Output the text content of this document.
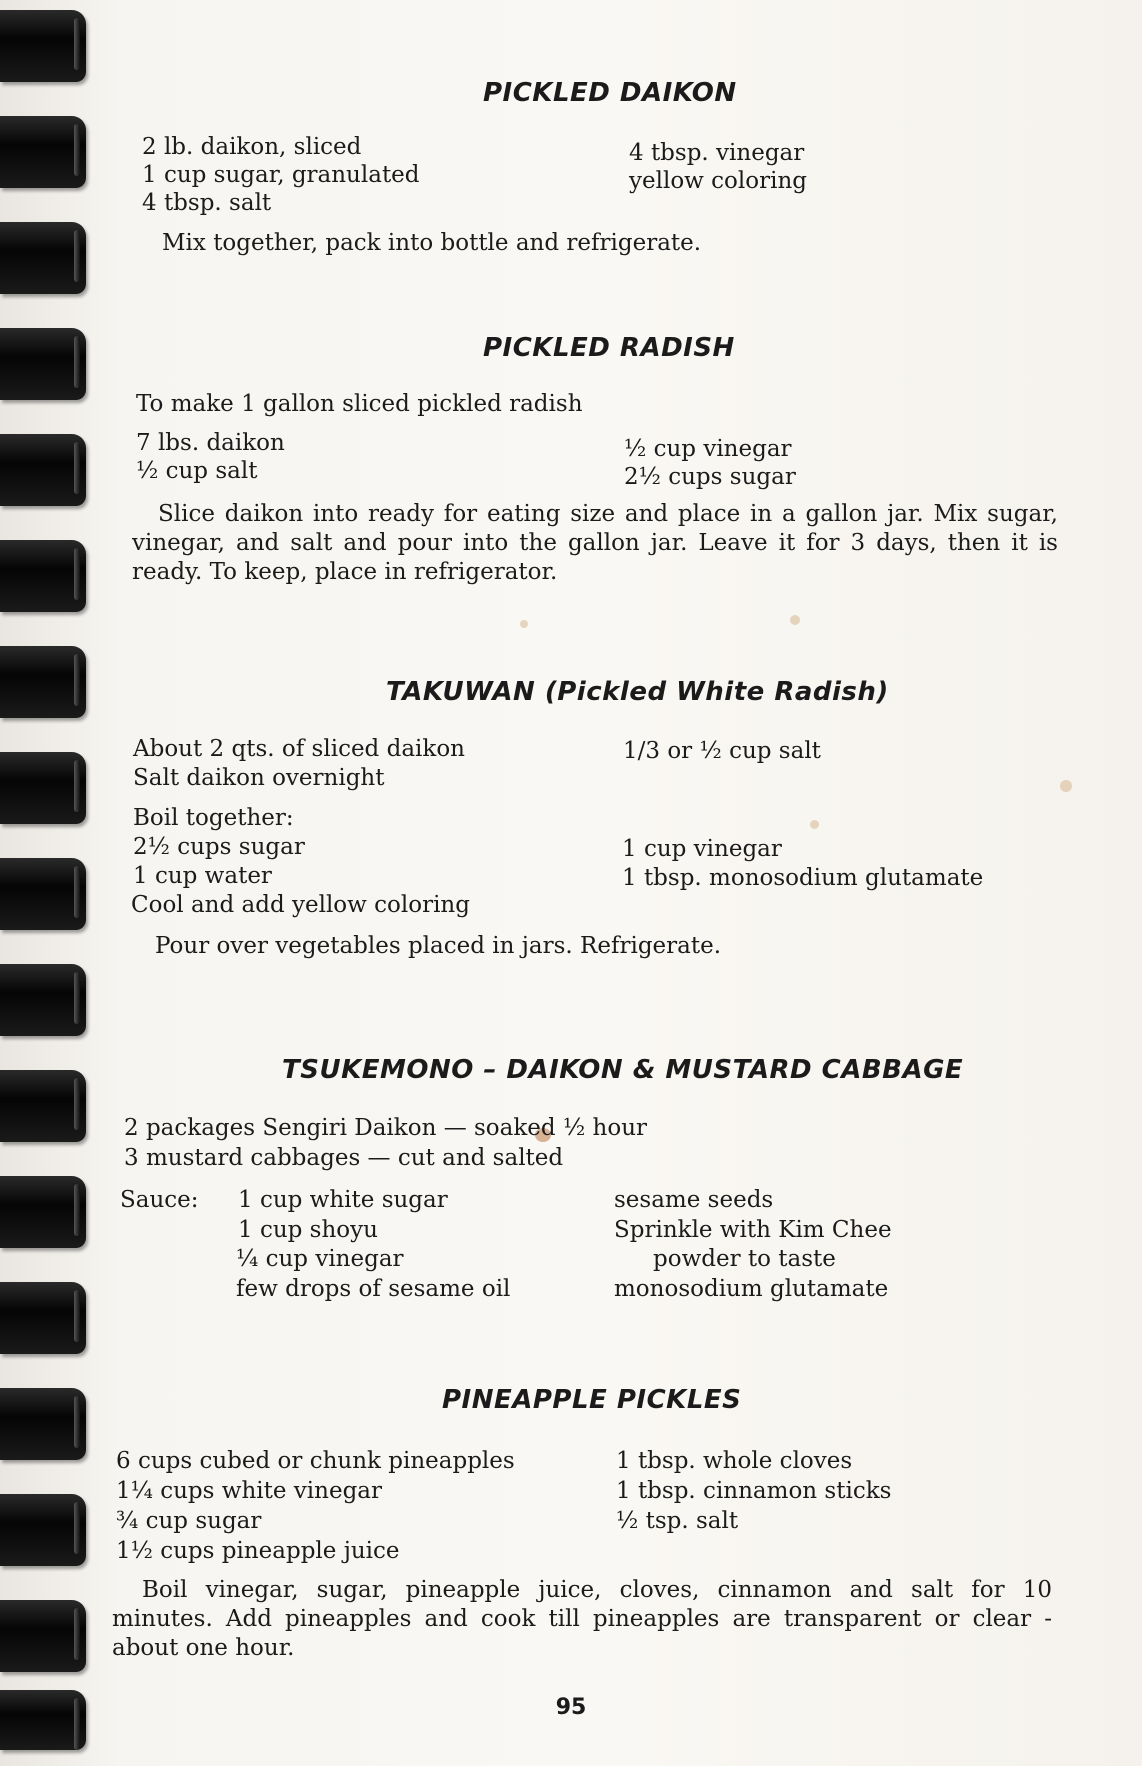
PICKLED DAIKON
2 lb. daikon, sliced
1 cup sugar, granulated
4 tbsp. salt
4 tbsp. vinegar
yellow coloring
Mix together, pack into bottle and refrigerate.
PICKLED RADISH
To make 1 gallon sliced pickled radish
7 lbs. daikon
½ cup salt
½ cup vinegar
2½ cups sugar
Slice daikon into ready for eating size and place in a gallon jar. Mix sugar, vinegar, and salt and pour into the gallon jar. Leave it for 3 days, then it is ready. To keep, place in refrigerator.
TAKUWAN (Pickled White Radish)
About 2 qts. of sliced daikon
Salt daikon overnight
1/3 or ½ cup salt
Boil together:
2½ cups sugar
1 cup water
1 cup vinegar
1 tbsp. monosodium glutamate
Cool and add yellow coloring
Pour over vegetables placed in jars. Refrigerate.
TSUKEMONO – DAIKON & MUSTARD CABBAGE
2 packages Sengiri Daikon — soaked ½ hour
3 mustard cabbages — cut and salted
Sauce: 1 cup white sugar
1 cup shoyu
¼ cup vinegar
few drops of sesame oil
sesame seeds
Sprinkle with Kim Chee
powder to taste
monosodium glutamate
PINEAPPLE PICKLES
6 cups cubed or chunk pineapples
1¼ cups white vinegar
¾ cup sugar
1½ cups pineapple juice
1 tbsp. whole cloves
1 tbsp. cinnamon sticks
½ tsp. salt
Boil vinegar, sugar, pineapple juice, cloves, cinnamon and salt for 10 minutes. Add pineapples and cook till pineapples are transparent or clear - about one hour.
95
